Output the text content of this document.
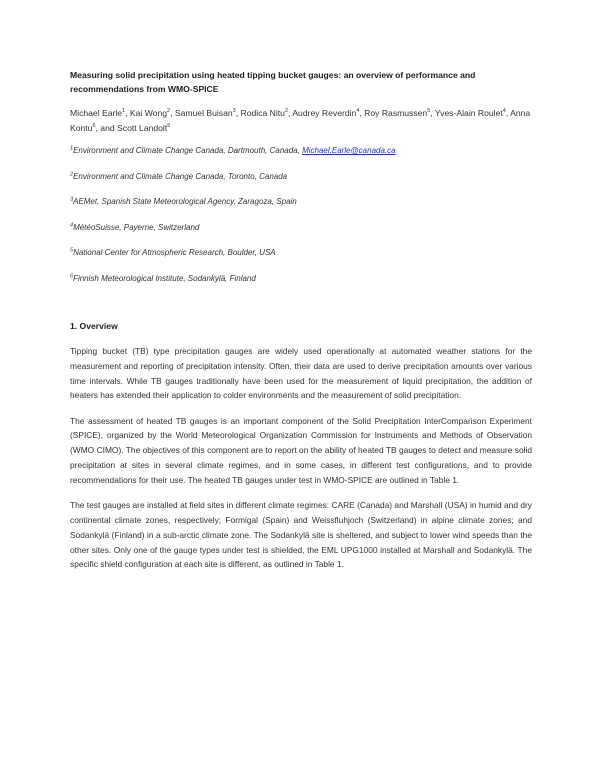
Measuring solid precipitation using heated tipping bucket gauges: an overview of performance and recommendations from WMO-SPICE
Michael Earle$^1$, Kai Wong$^2$, Samuel Buisan$^3$, Rodica Nitu$^2$, Audrey Reverdin$^4$, Roy Rasmussen$^5$, Yves-Alain Roulet$^4$, Anna Kontu$^6$, and Scott Landolt$^5$
$^1$Environment and Climate Change Canada, Dartmouth, Canada, Michael.Earle@canada.ca
$^2$Environment and Climate Change Canada, Toronto, Canada
$^3$AEMet, Spanish State Meteorological Agency, Zaragoza, Spain
$^4$MétéoSuisse, Payerne, Switzerland
$^5$National Center for Atmospheric Research, Boulder, USA
$^6$Finnish Meteorological Institute, Sodankylä, Finland
1. Overview

Tipping bucket (TB) type precipitation gauges are widely used operationally at automated weather stations for the measurement and reporting of precipitation intensity. Often, their data are used to derive precipitation amounts over various time intervals. While TB gauges traditionally have been used for the measurement of liquid precipitation, the addition of heaters has extended their application to colder environments and the measurement of solid precipitation.

The assessment of heated TB gauges is an important component of the Solid Precipitation InterComparison Experiment (SPICE), organized by the World Meteorological Organization Commission for Instruments and Methods of Observation (WMO CIMO). The objectives of this component are to report on the ability of heated TB gauges to detect and measure solid precipitation at sites in several climate regimes, and in some cases, in different test configurations, and to provide recommendations for their use. The heated TB gauges under test in WMO-SPICE are outlined in Table 1.

The test gauges are installed at field sites in different climate regimes: CARE (Canada) and Marshall (USA) in humid and dry continental climate zones, respectively; Formigal (Spain) and Weissfluhjoch (Switzerland) in alpine climate zones; and Sodankylä (Finland) in a sub-arctic climate zone. The Sodankylä site is sheltered, and subject to lower wind speeds than the other sites. Only one of the gauge types under test is shielded, the EML UPG1000 installed at Marshall and Sodankylä. The specific shield configuration at each site is different, as outlined in Table 1.
